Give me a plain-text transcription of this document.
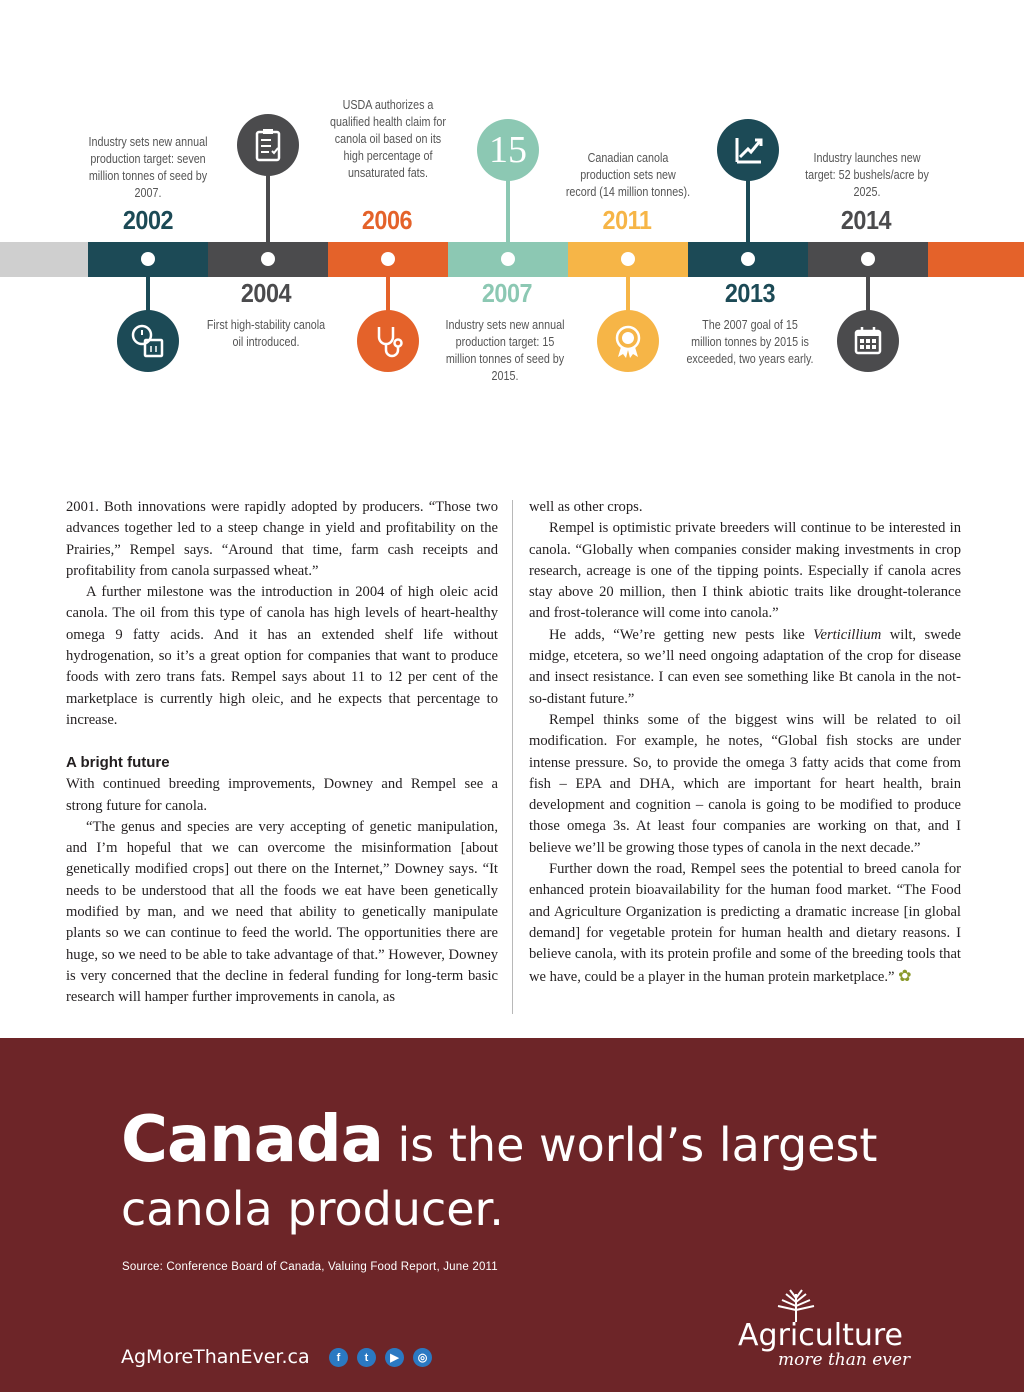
Industry sets new annual production target: seven million tonnes of seed by 2007.
2002
2004
First high-stability canola oil introduced.
USDA authorizes a qualified health claim for canola oil based on its high percentage of unsaturated fats.
2006
15
2007
Industry sets new annual production target: 15 million tonnes of seed by 2015.
Canadian canola production sets new record (14 million tonnes).
2011
2013
The 2007 goal of 15 million tonnes by 2015 is exceeded, two years early.
Industry launches new target: 52 bushels/acre by 2025.
2014

2001. Both innovations were rapidly adopted by producers. “Those two advances together led to a steep change in yield and profitability on the Prairies,” Rempel says. “Around that time, farm cash receipts and profitability from canola surpassed wheat.”

A further milestone was the introduction in 2004 of high oleic acid canola. The oil from this type of canola has high levels of heart-healthy omega 9 fatty acids. And it has an extended shelf life without hydrogenation, so it’s a great option for companies that want to produce foods with zero trans fats. Rempel says about 11 to 12 per cent of the marketplace is currently high oleic, and he expects that percentage to increase.

A bright future

With continued breeding improvements, Downey and Rempel see a strong future for canola.

“The genus and species are very accepting of genetic manipulation, and I’m hopeful that we can overcome the misinformation [about genetically modified crops] out there on the Internet,” Downey says. “It needs to be understood that all the foods we eat have been genetically modified by man, and we need that ability to genetically manipulate plants so we can continue to feed the world. The opportunities there are huge, so we need to be able to take advantage of that.” However, Downey is very concerned that the decline in federal funding for long-term basic research will hamper further improvements in canola, as

well as other crops.

Rempel is optimistic private breeders will continue to be interested in canola. “Globally when companies consider making investments in crop research, acreage is one of the tipping points. Especially if canola acres stay above 20 million, then I think abiotic traits like drought-tolerance and frost-tolerance will come into canola.”

He adds, “We’re getting new pests like Verticillium wilt, swede midge, etcetera, so we’ll need ongoing adaptation of the crop for disease and insect resistance. I can even see something like Bt canola in the not-so-distant future.”

Rempel thinks some of the biggest wins will be related to oil modification. For example, he notes, “Global fish stocks are under intense pressure. So, to provide the omega 3 fatty acids that come from fish – EPA and DHA, which are important for heart health, brain development and cognition – canola is going to be modified to produce those omega 3s. At least four companies are working on that, and I believe we’ll be growing those types of canola in the next decade.”

Further down the road, Rempel sees the potential to breed canola for enhanced protein bioavailability for the human food market. “The Food and Agriculture Organization is predicting a dramatic increase [in global demand] for vegetable protein for human health and dietary reasons. I believe canola, with its protein profile and some of the breeding tools that we have, could be a player in the human protein marketplace.” ✿

Canada is the world’s largest
canola producer.
Source: Conference Board of Canada, Valuing Food Report, June 2011
AgMoreThanEver.ca	f	t	▶	◎
Agriculture
more than ever
